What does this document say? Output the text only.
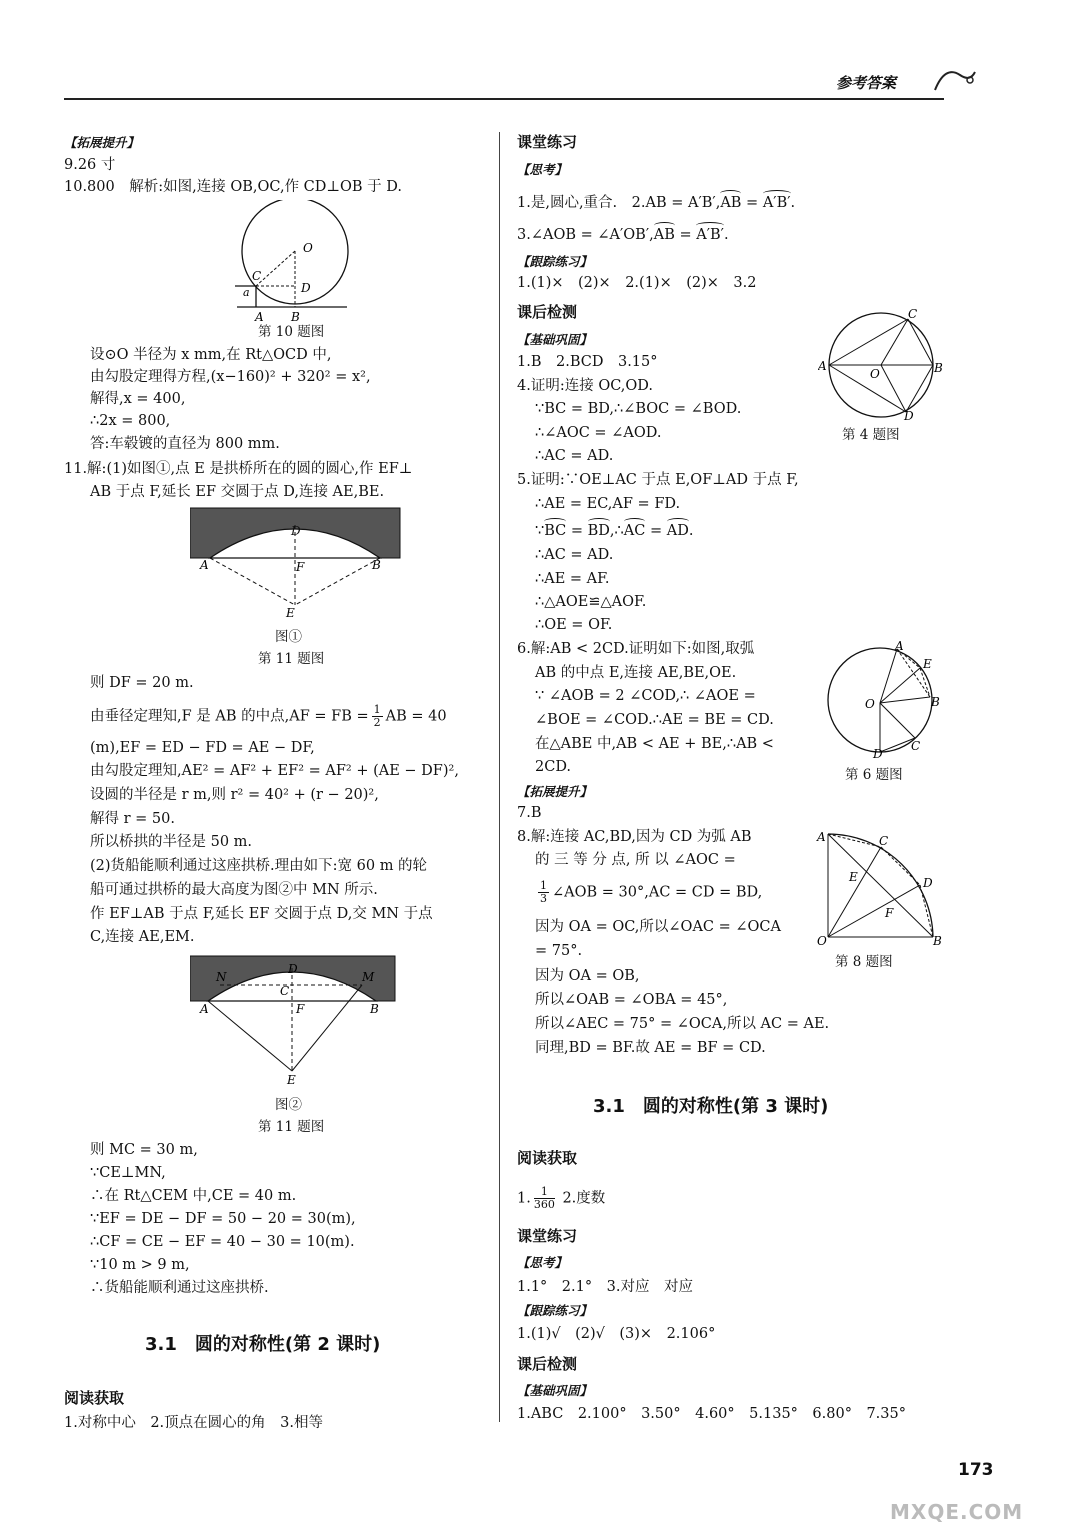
参考答案
【拓展提升】
9.26 寸
10.800　解析:如图,连接 OB,OC,作 CD⊥OB 于 D.
O
C
D
a
A B
第 10 题图
设⊙O 半径为 x mm,在 Rt△OCD 中,
由勾股定理得方程,(x−160)² + 320² = x²,
解得,x = 400,
∴2x = 800,
答:车毂镀的直径为 800 mm.
11.解:(1)如图①,点 E 是拱桥所在的圆的圆心,作 EF⊥
AB 于点 F,延长 EF 交圆于点 D,连接 AE,BE.
D
F
A	B
E
图①
第 11 题图
则 DF = 20 m.
由垂径定理知,F 是 AB 的中点,AF = FB = $\frac{1}{2}$ AB = 40
(m),EF = ED − FD = AE − DF,
由勾股定理知,AE² = AF² + EF² = AF² + (AE − DF)²,
设圆的半径是 r m,则 r² = 40² + (r − 20)²,
解得 r = 50.
所以桥拱的半径是 50 m.
(2)货船能顺利通过这座拱桥.理由如下:宽 60 m 的轮
船可通过拱桥的最大高度为图②中 MN 所示.
作 EF⊥AB 于点 F,延长 EF 交圆于点 D,交 MN 于点
C,连接 AE,EM.
N	M
D
C
F
A	B
E
图②
第 11 题图
则 MC = 30 m,
∵CE⊥MN,
∴在 Rt△CEM 中,CE = 40 m.
∵EF = DE − DF = 50 − 20 = 30(m),
∴CF = CE − EF = 40 − 30 = 10(m).
∵10 m > 9 m,
∴货船能顺利通过这座拱桥.
3.1　圆的对称性(第 2 课时)
阅读获取
1.对称中心　2.顶点在圆心的角　3.相等
课堂练习
【思考】
1.是,圆心,重合.　2.AB = A′B′,AB = A′B′.
3.∠AOB = ∠A′OB′,AB = A′B′.
【跟踪练习】
1.(1)×　(2)×　2.(1)×　(2)×　3.2
课后检测
【基础巩固】
1.B　2.BCD　3.15°
4.证明:连接 OC,OD.
∵BC = BD,∴∠BOC = ∠BOD.
∴∠AOC = ∠AOD.
∴AC = AD.
A	B
C
D
O
第 4 题图
5.证明:∵OE⊥AC 于点 E,OF⊥AD 于点 F,
∴AE = EC,AF = FD.
∵BC = BD,∴AC = AD.
∴AC = AD.
∴AE = AF.
∴△AOE≌△AOF.
∴OE = OF.
6.解:AB < 2CD.证明如下:如图,取弧
AB 的中点 E,连接 AE,BE,OE.
∵ ∠AOB = 2 ∠COD,∴ ∠AOE =
∠BOE = ∠COD.∴AE = BE = CD.
在△ABE 中,AB < AE + BE,∴AB <
2CD.
A
E
B
C
D
O
第 6 题图
【拓展提升】
7.B
8.解:连接 AC,BD,因为 CD 为弧 AB
的 三 等 分 点, 所 以 ∠AOC =
$\frac{1}{3}$ ∠AOB = 30°,AC = CD = BD,
因为 OA = OC,所以∠OAC = ∠OCA
= 75°.
因为 OA = OB,
所以∠OAB = ∠OBA = 45°,
所以∠AEC = 75° = ∠OCA,所以 AC = AE.
同理,BD = BF.故 AE = BF = CD.
A	C
D
E
F
O	B
第 8 题图
3.1　圆的对称性(第 3 课时)
阅读获取
1. $\frac{1}{360} 2$.度数
课堂练习
【思考】
1.1°　2.1°　3.对应　对应
【跟踪练习】
1.(1)√　(2)√　(3)×　2.106°
课后检测
【基础巩固】
1.ABC　2.100°　3.50°　4.60°　5.135°　6.80°　7.35°
173
MXQE.COM
